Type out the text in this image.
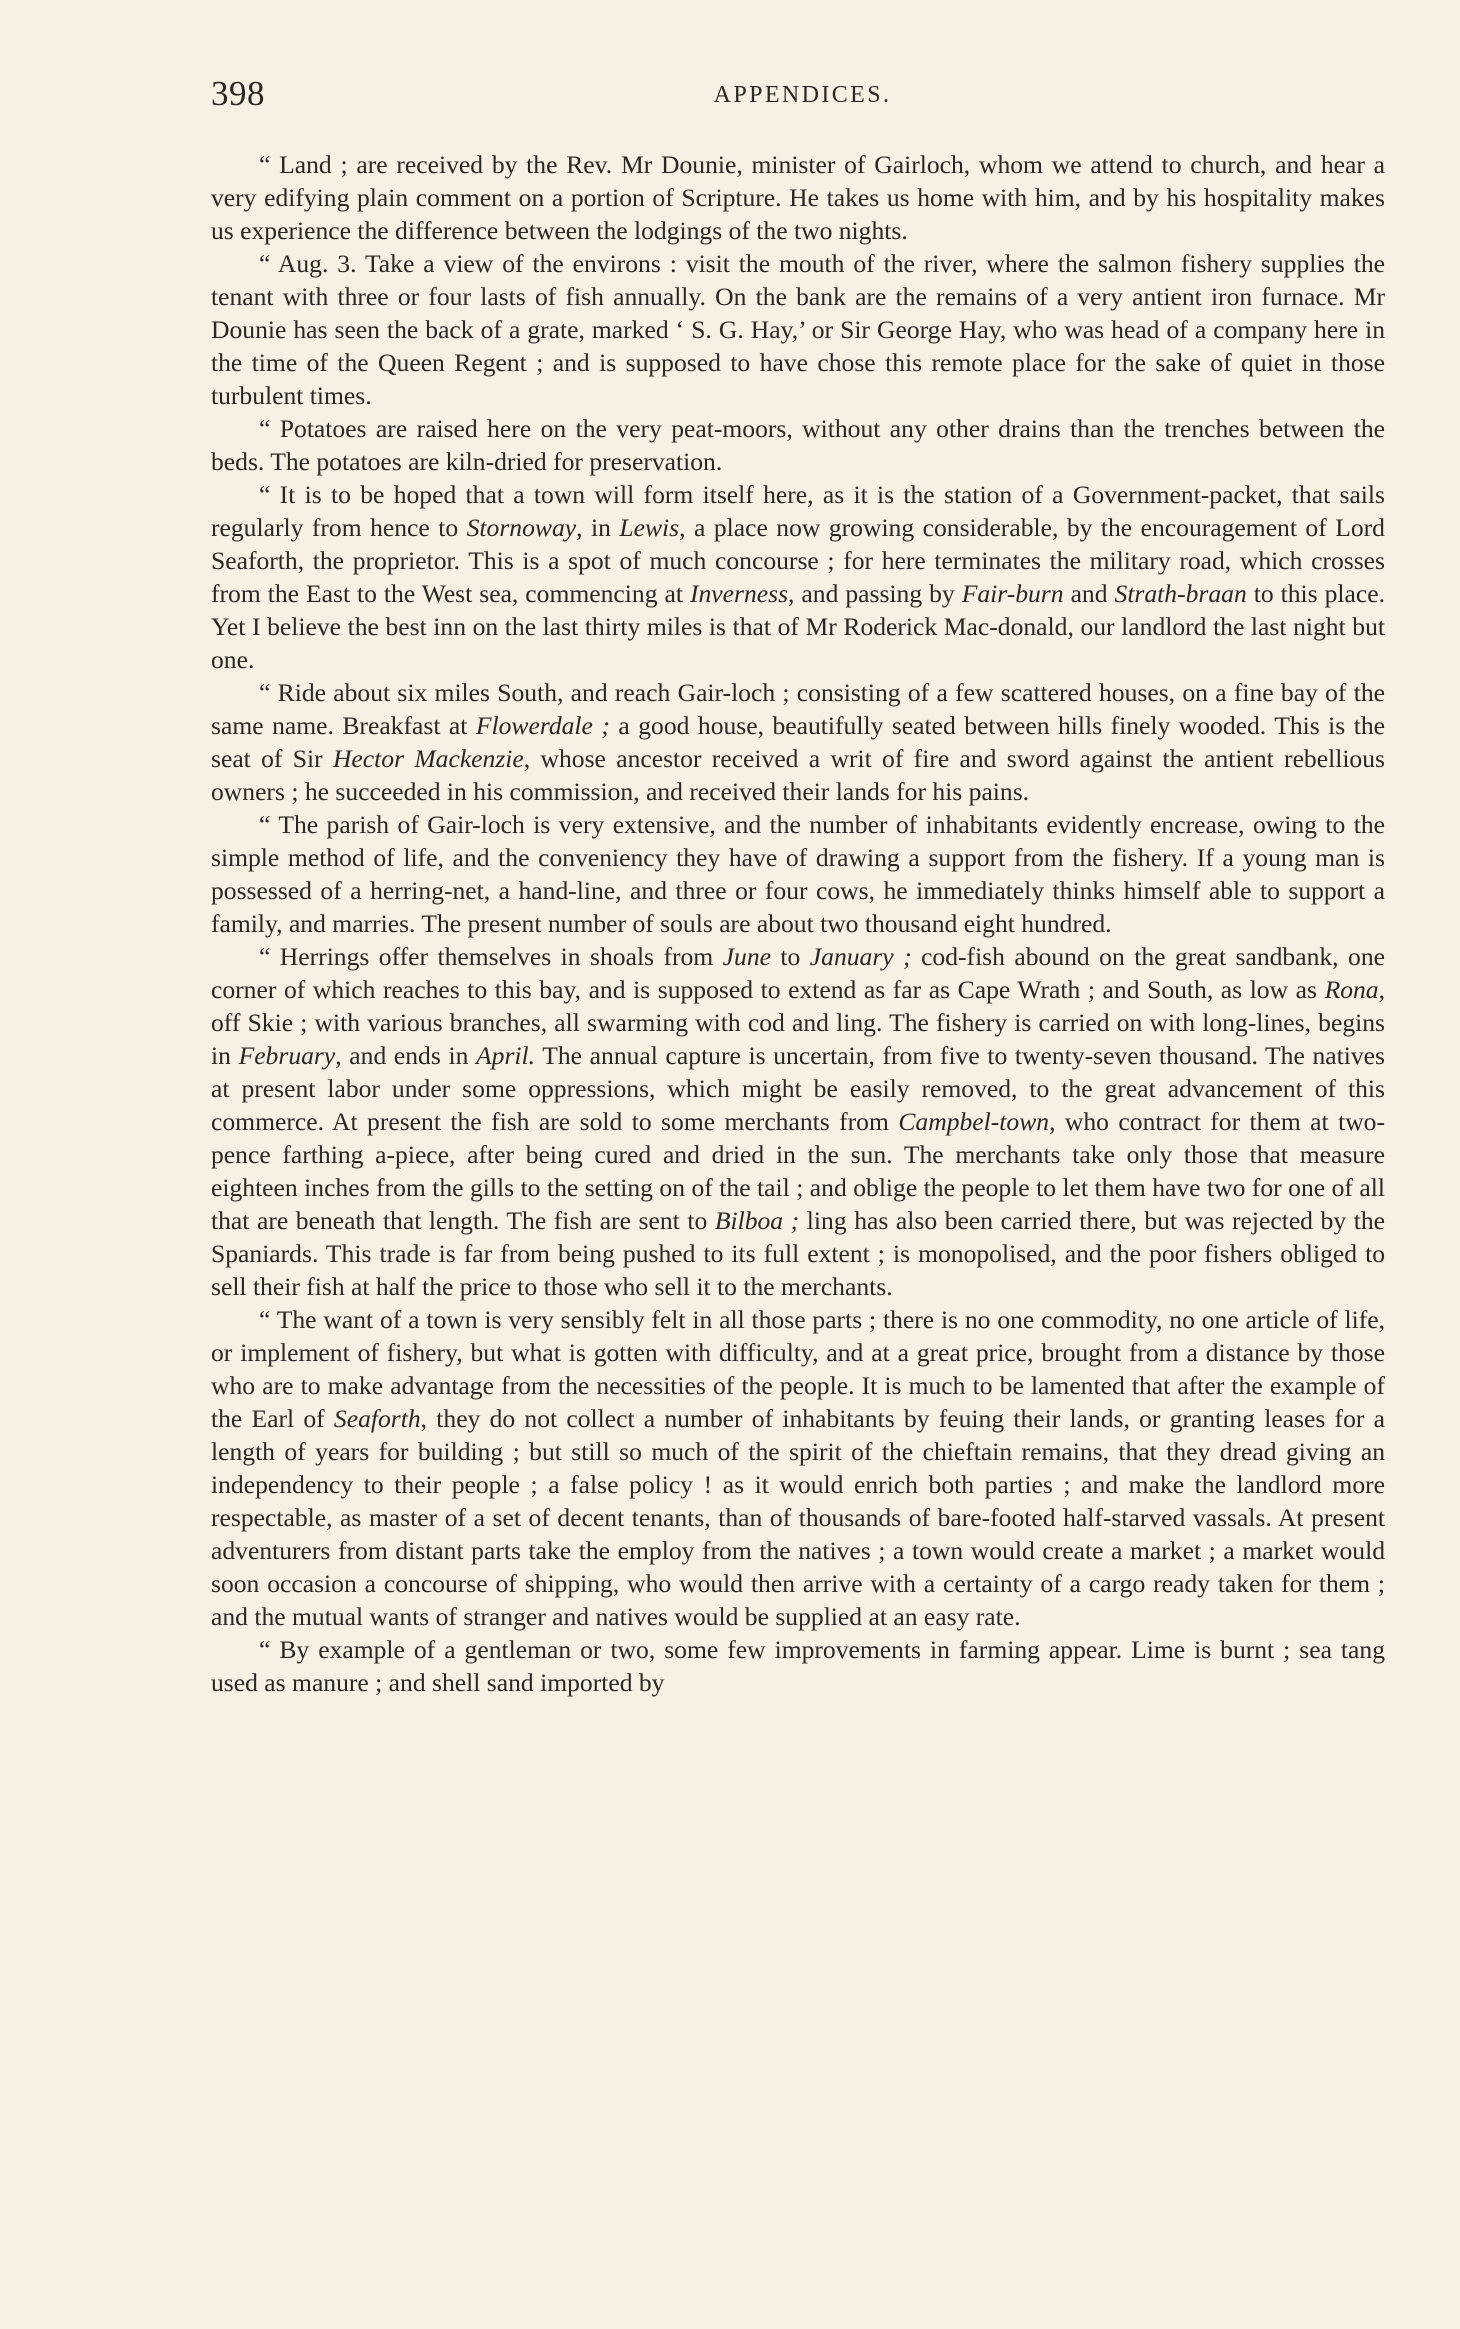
398	APPENDICES.

“ Land ; are received by the Rev. Mr Dounie, minister of Gairloch, whom we attend to church, and hear a very edifying plain comment on a portion of Scripture. He takes us home with him, and by his hospitality makes us experience the difference between the lodgings of the two nights.

“ Aug. 3. Take a view of the environs : visit the mouth of the river, where the salmon fishery supplies the tenant with three or four lasts of fish annually. On the bank are the remains of a very antient iron furnace. Mr Dounie has seen the back of a grate, marked ‘ S. G. Hay,’ or Sir George Hay, who was head of a company here in the time of the Queen Regent ; and is supposed to have chose this remote place for the sake of quiet in those turbulent times.

“ Potatoes are raised here on the very peat-moors, without any other drains than the trenches between the beds. The potatoes are kiln-dried for preservation.

“ It is to be hoped that a town will form itself here, as it is the station of a Government-packet, that sails regularly from hence to Stornoway, in Lewis, a place now growing considerable, by the encouragement of Lord Seaforth, the proprietor. This is a spot of much concourse ; for here terminates the military road, which crosses from the East to the West sea, commencing at Inverness, and passing by Fair-burn and Strath-braan to this place. Yet I believe the best inn on the last thirty miles is that of Mr Roderick Mac-donald, our landlord the last night but one.

“ Ride about six miles South, and reach Gair-loch ; consisting of a few scattered houses, on a fine bay of the same name. Breakfast at Flowerdale ; a good house, beautifully seated between hills finely wooded. This is the seat of Sir Hector Mackenzie, whose ancestor received a writ of fire and sword against the antient rebellious owners ; he succeeded in his commission, and received their lands for his pains.

“ The parish of Gair-loch is very extensive, and the number of inhabitants evidently encrease, owing to the simple method of life, and the conveniency they have of drawing a support from the fishery. If a young man is possessed of a herring-net, a hand-line, and three or four cows, he immediately thinks himself able to support a family, and marries. The present number of souls are about two thousand eight hundred.

“ Herrings offer themselves in shoals from June to January ; cod-fish abound on the great sandbank, one corner of which reaches to this bay, and is supposed to extend as far as Cape Wrath ; and South, as low as Rona, off Skie ; with various branches, all swarming with cod and ling. The fishery is carried on with long-lines, begins in February, and ends in April. The annual capture is uncertain, from five to twenty-seven thousand. The natives at present labor under some oppressions, which might be easily removed, to the great advancement of this commerce. At present the fish are sold to some merchants from Campbel-town, who contract for them at two-pence farthing a-piece, after being cured and dried in the sun. The merchants take only those that measure eighteen inches from the gills to the setting on of the tail ; and oblige the people to let them have two for one of all that are beneath that length. The fish are sent to Bilboa ; ling has also been carried there, but was rejected by the Spaniards. This trade is far from being pushed to its full extent ; is monopolised, and the poor fishers obliged to sell their fish at half the price to those who sell it to the merchants.

“ The want of a town is very sensibly felt in all those parts ; there is no one commodity, no one article of life, or implement of fishery, but what is gotten with difficulty, and at a great price, brought from a distance by those who are to make advantage from the necessities of the people. It is much to be lamented that after the example of the Earl of Seaforth, they do not collect a number of inhabitants by feuing their lands, or granting leases for a length of years for building ; but still so much of the spirit of the chieftain remains, that they dread giving an independency to their people ; a false policy ! as it would enrich both parties ; and make the landlord more respectable, as master of a set of decent tenants, than of thousands of bare-footed half-starved vassals. At present adventurers from distant parts take the employ from the natives ; a town would create a market ; a market would soon occasion a concourse of shipping, who would then arrive with a certainty of a cargo ready taken for them ; and the mutual wants of stranger and natives would be supplied at an easy rate.

“ By example of a gentleman or two, some few improvements in farming appear. Lime is burnt ; sea tang used as manure ; and shell sand imported by
